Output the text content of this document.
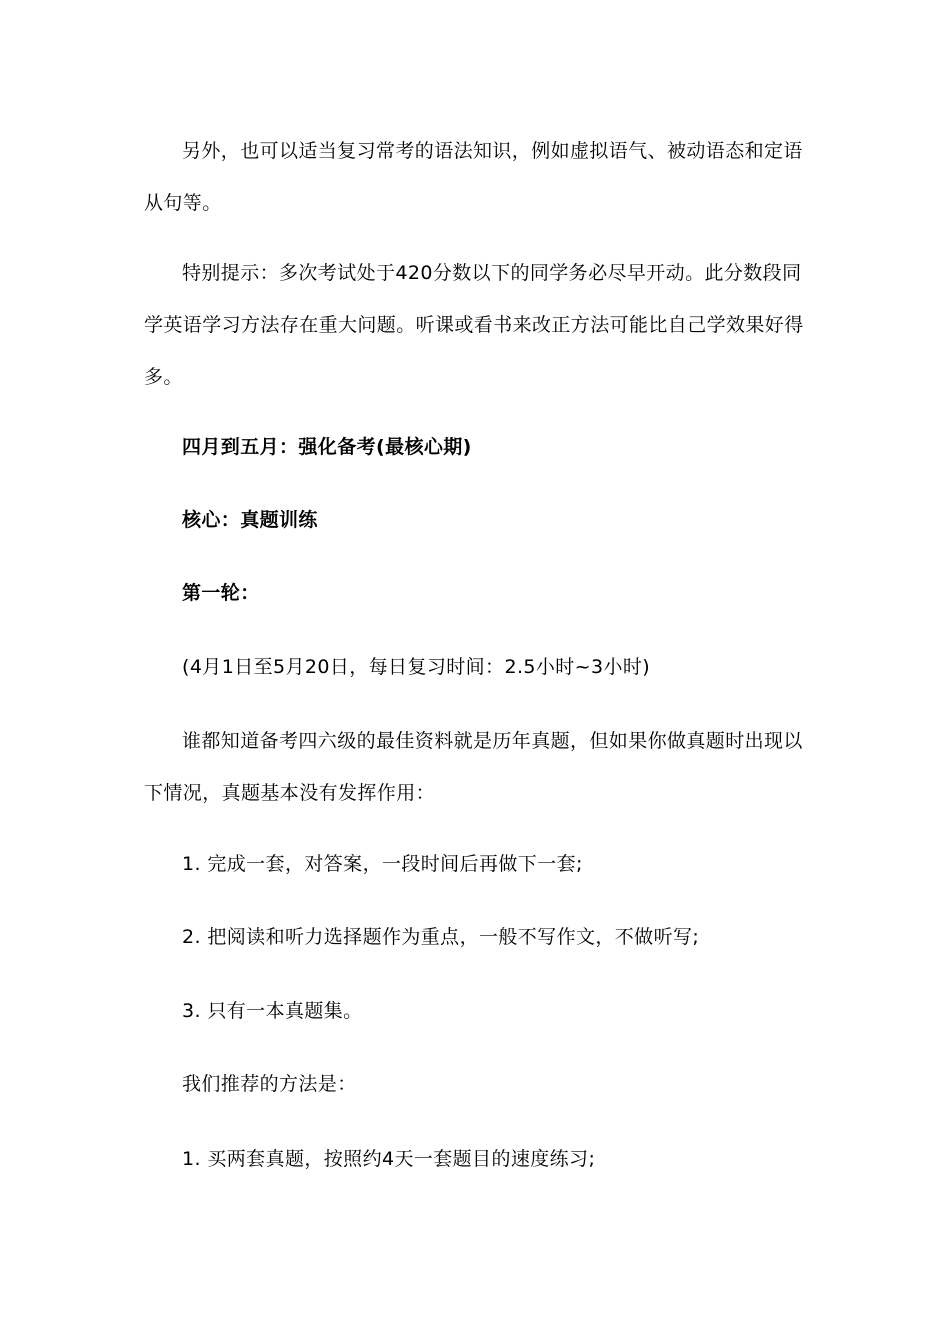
另外，也可以适当复习常考的语法知识，例如虚拟语气、被动语态和定语从句等。

特别提示：多次考试处于420分数以下的同学务必尽早开动。此分数段同学英语学习方法存在重大问题。听课或看书来改正方法可能比自己学效果好得多。

四月到五月：强化备考(最核心期)

核心：真题训练

第一轮：

(4月1日至5月20日，每日复习时间：2.5小时~3小时)

谁都知道备考四六级的最佳资料就是历年真题，但如果你做真题时出现以下情况，真题基本没有发挥作用：

1. 完成一套，对答案，一段时间后再做下一套;

2. 把阅读和听力选择题作为重点，一般不写作文，不做听写;

3. 只有一本真题集。

我们推荐的方法是：

1. 买两套真题，按照约4天一套题目的速度练习;
